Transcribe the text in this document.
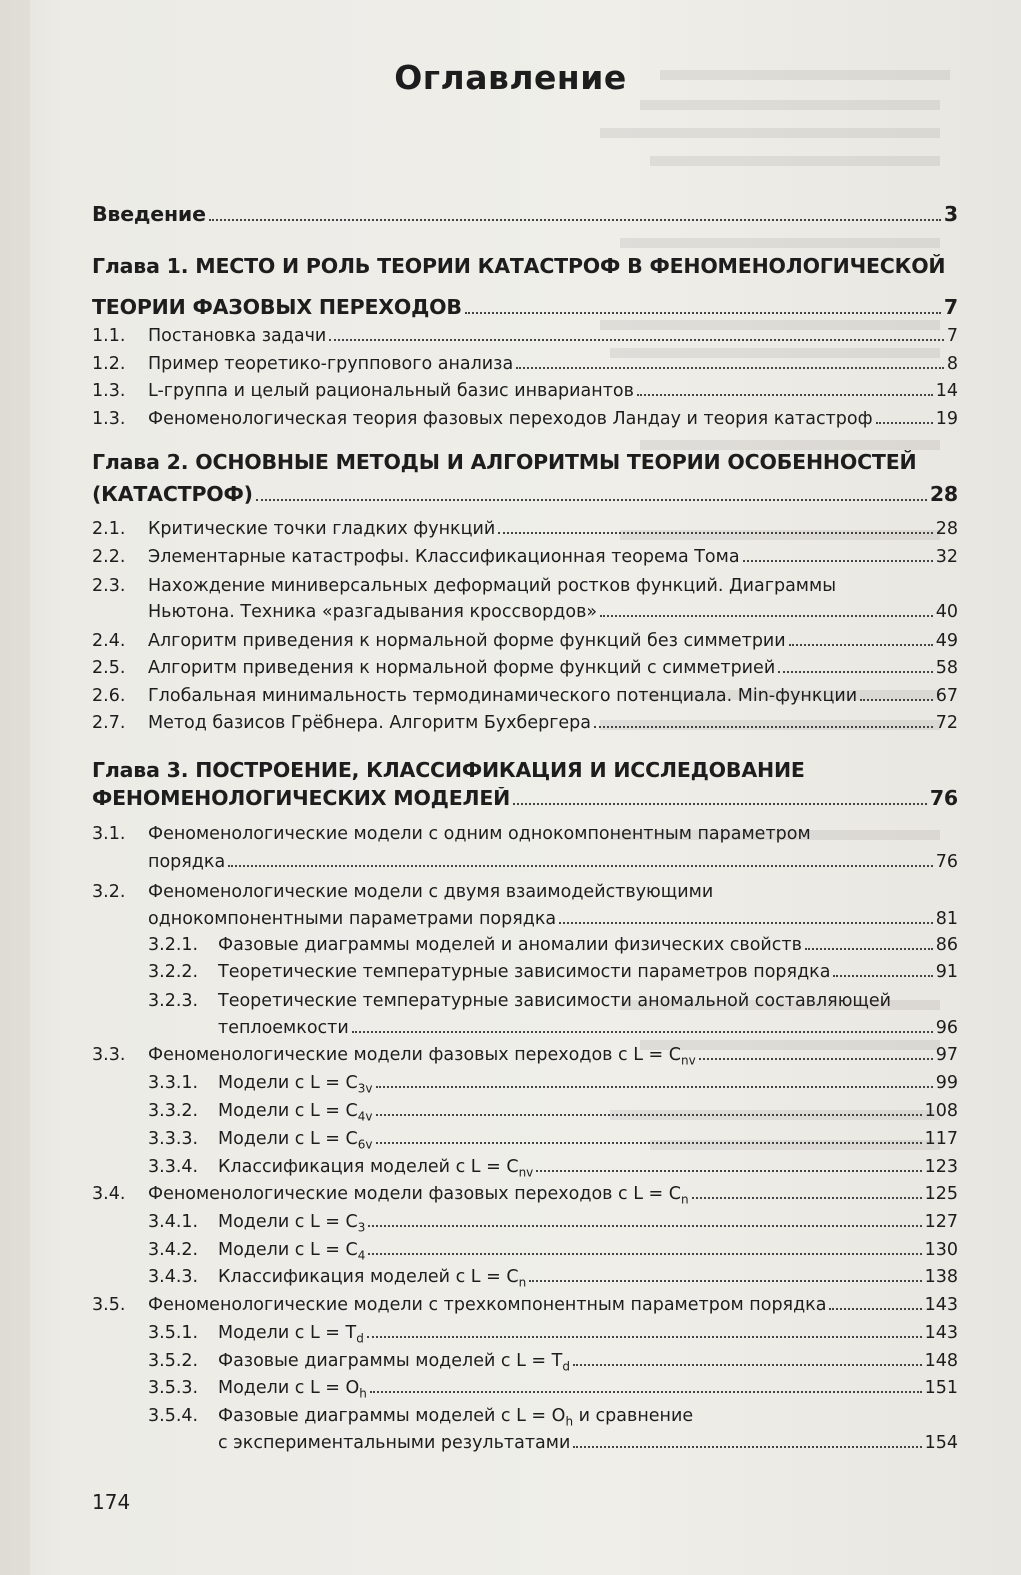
Оглавление
Введение	3
Глава 1. МЕСТО И РОЛЬ ТЕОРИИ КАТАСТРОФ В ФЕНОМЕНОЛОГИЧЕСКОЙ
ТЕОРИИ ФАЗОВЫХ ПЕРЕХОДОВ	7
1.1.	Постановка задачи	7
1.2.	Пример теоретико-группового анализа	8
1.3.	L-группа и целый рациональный базис инвариантов	14
1.3.	Феноменологическая теория фазовых переходов Ландау и теория катастроф	19
Глава 2. ОСНОВНЫЕ МЕТОДЫ И АЛГОРИТМЫ ТЕОРИИ ОСОБЕННОСТЕЙ
(КАТАСТРОФ)	28
2.1.	Критические точки гладких функций	28
2.2.	Элементарные катастрофы. Классификационная теорема Тома	32
2.3. Нахождение миниверсальных деформаций ростков функций. Диаграммы
Ньютона. Техника «разгадывания кроссвордов»	40
2.4.	Алгоритм приведения к нормальной форме функций без симметрии	49
2.5.	Алгоритм приведения к нормальной форме функций с симметрией	58
2.6.	Глобальная минимальность термодинамического потенциала. Min-функции	67
2.7.	Метод базисов Грёбнера. Алгоритм Бухбергера	72
Глава 3. ПОСТРОЕНИЕ, КЛАССИФИКАЦИЯ И ИССЛЕДОВАНИЕ
ФЕНОМЕНОЛОГИЧЕСКИХ МОДЕЛЕЙ	76
3.1. Феноменологические модели с одним однокомпонентным параметром
порядка	76
3.2. Феноменологические модели с двумя взаимодействующими
однокомпонентными параметрами порядка	81
3.2.1.	Фазовые диаграммы моделей и аномалии физических свойств	86
3.2.2.	Теоретические температурные зависимости параметров порядка	91
3.2.3. Теоретические температурные зависимости аномальной составляющей
теплоемкости	96
3.3.	Феноменологические модели фазовых переходов с $L = C_{nv}$	97
3.3.1.	Модели с $L = C_{3v}$	99
3.3.2.	Модели с $L = C_{4v}$	108
3.3.3.	Модели с $L = C_{6v}$	117
3.3.4.	Классификация моделей с $L = C_{nv}$	123
3.4.	Феноменологические модели фазовых переходов с $L = C_n$	125
3.4.1.	Модели с $L = C_3$	127
3.4.2.	Модели с $L = C_4$	130
3.4.3.	Классификация моделей с $L = C_n$	138
3.5.	Феноменологические модели с трехкомпонентным параметром порядка	143
3.5.1.	Модели с $L = T_d$	143
3.5.2.	Фазовые диаграммы моделей с $L = T_d$	148
3.5.3.	Модели с $L = O_h$	151
3.5.4. Фазовые диаграммы моделей с $L = O_h$ и сравнение
с экспериментальными результатами	154
174
